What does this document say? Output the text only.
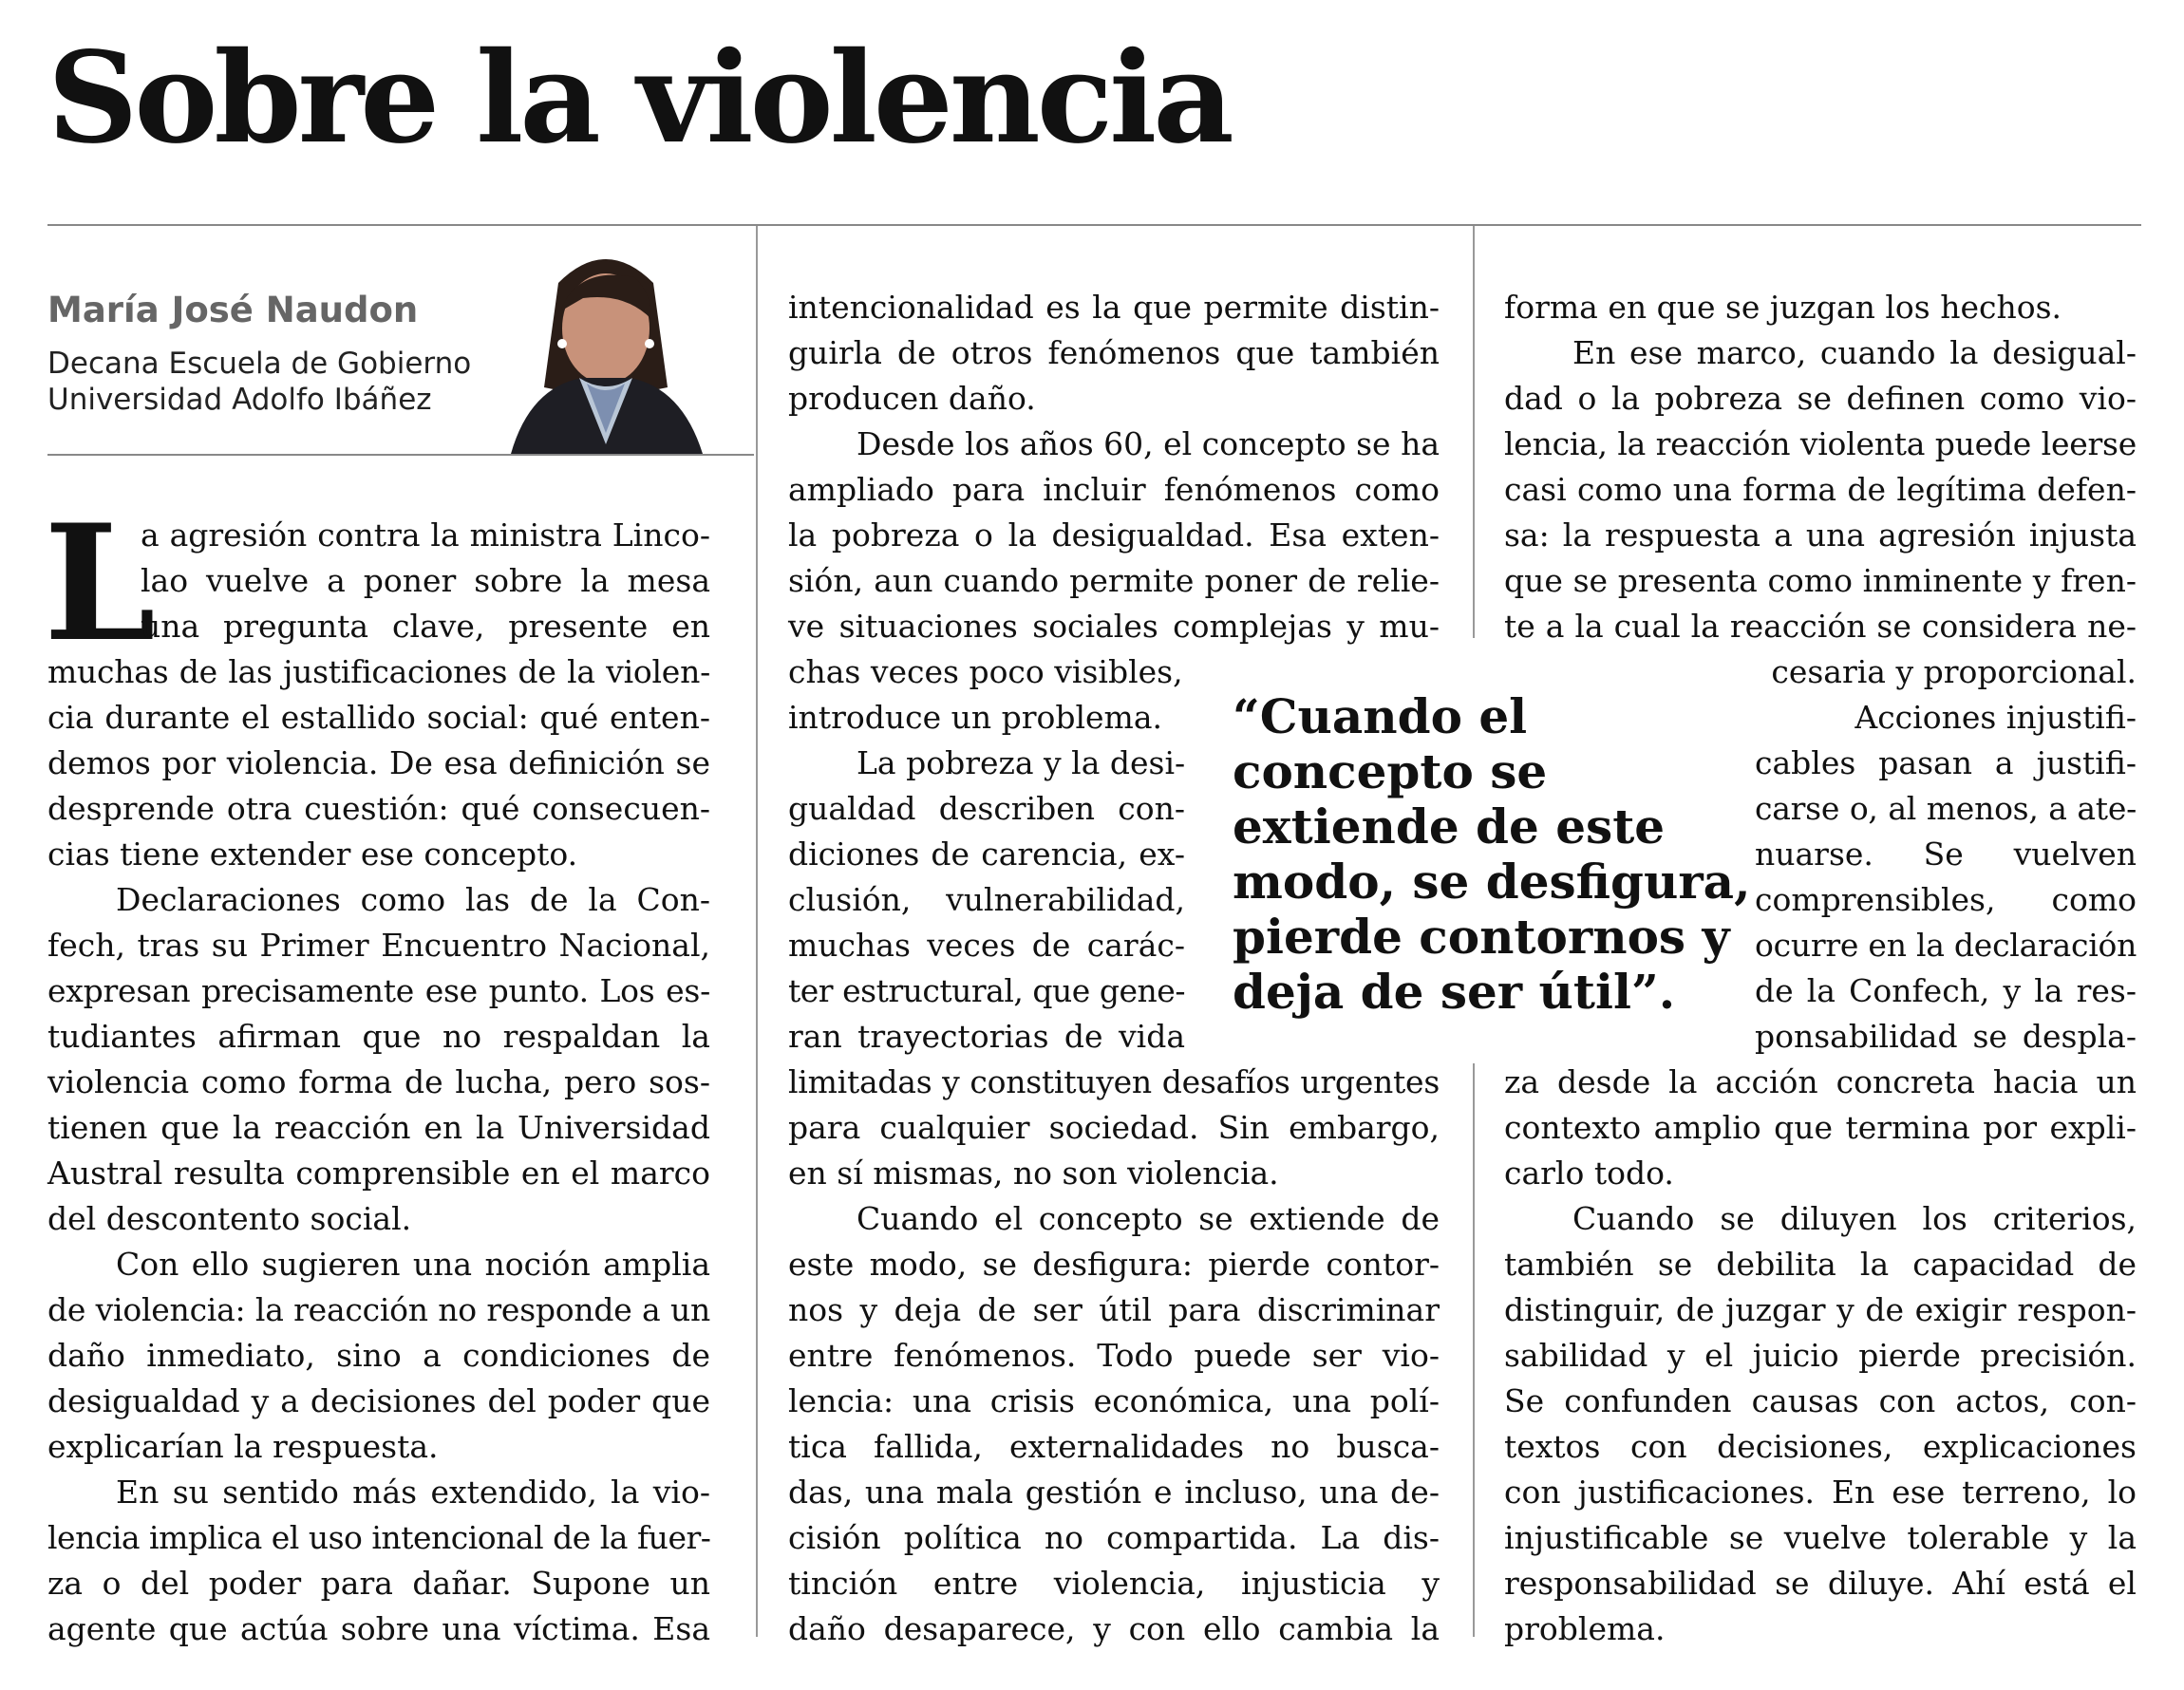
Sobre la violencia
María José Naudon
Decana Escuela de Gobierno
Universidad Adolfo Ibáñez
L
a agresión contra la ministra Linco-
lao vuelve a poner sobre la mesa
una pregunta clave, presente en
muchas de las justificaciones de la violen-
cia durante el estallido social: qué enten-
demos por violencia. De esa definición se
desprende otra cuestión: qué consecuen-
cias tiene extender ese concepto.
Declaraciones como las de la Con-
fech, tras su Primer Encuentro Nacional,
expresan precisamente ese punto. Los es-
tudiantes afirman que no respaldan la
violencia como forma de lucha, pero sos-
tienen que la reacción en la Universidad
Austral resulta comprensible en el marco
del descontento social.
Con ello sugieren una noción amplia
de violencia: la reacción no responde a un
daño inmediato, sino a condiciones de
desigualdad y a decisiones del poder que
explicarían la respuesta.
En su sentido más extendido, la vio-
lencia implica el uso intencional de la fuer-
za o del poder para dañar. Supone un
agente que actúa sobre una víctima. Esa
intencionalidad es la que permite distin-
guirla de otros fenómenos que también
producen daño.
Desde los años 60, el concepto se ha
ampliado para incluir fenómenos como
la pobreza o la desigualdad. Esa exten-
sión, aun cuando permite poner de relie-
ve situaciones sociales complejas y mu-
chas veces poco visibles,
introduce un problema.
La pobreza y la desi-
gualdad describen con-
diciones de carencia, ex-
clusión, vulnerabilidad,
muchas veces de carác-
ter estructural, que gene-
ran trayectorias de vida
limitadas y constituyen desafíos urgentes
para cualquier sociedad. Sin embargo,
en sí mismas, no son violencia.
Cuando el concepto se extiende de
este modo, se desfigura: pierde contor-
nos y deja de ser útil para discriminar
entre fenómenos. Todo puede ser vio-
lencia: una crisis económica, una polí-
tica fallida, externalidades no busca-
das, una mala gestión e incluso, una de-
cisión política no compartida. La dis-
tinción entre violencia, injusticia y
daño desaparece, y con ello cambia la
“Cuando el
concepto se
extiende de este
modo, se desfigura,
pierde contornos y
deja de ser útil”.
forma en que se juzgan los hechos.
En ese marco, cuando la desigual-
dad o la pobreza se definen como vio-
lencia, la reacción violenta puede leerse
casi como una forma de legítima defen-
sa: la respuesta a una agresión injusta
que se presenta como inminente y fren-
te a la cual la reacción se considera ne-
cesaria y proporcional.
Acciones injustifi-
cables pasan a justifi-
carse o, al menos, a ate-
nuarse. Se vuelven
comprensibles, como
ocurre en la declaración
de la Confech, y la res-
ponsabilidad se despla-
za desde la acción concreta hacia un
contexto amplio que termina por expli-
carlo todo.
Cuando se diluyen los criterios,
también se debilita la capacidad de
distinguir, de juzgar y de exigir respon-
sabilidad y el juicio pierde precisión.
Se confunden causas con actos, con-
textos con decisiones, explicaciones
con justificaciones. En ese terreno, lo
injustificable se vuelve tolerable y la
responsabilidad se diluye. Ahí está el
problema.
